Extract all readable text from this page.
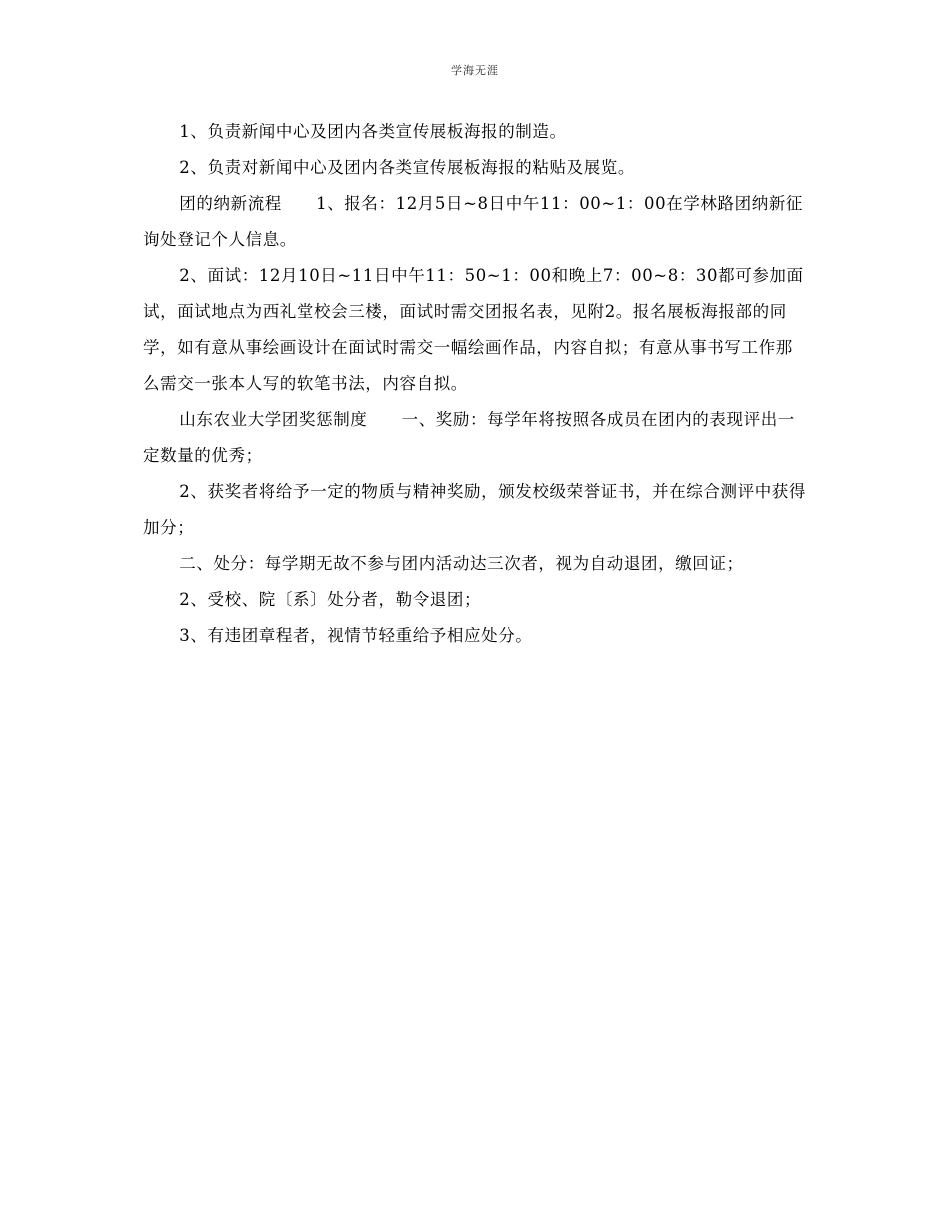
学海无涯

1、负责新闻中心及团内各类宣传展板海报的制造。

2、负责对新闻中心及团内各类宣传展板海报的粘贴及展览。

团的纳新流程　　1、报名：12月5日~8日中午11：00~1：00在学林路团纳新征询处登记个人信息。

2、面试：12月10日~11日中午11：50~1：00和晚上7：00~8：30都可参加面试，面试地点为西礼堂校会三楼，面试时需交团报名表，见附2。报名展板海报部的同学，如有意从事绘画设计在面试时需交一幅绘画作品，内容自拟；有意从事书写工作那么需交一张本人写的软笔书法，内容自拟。

山东农业大学团奖惩制度　　一、奖励：每学年将按照各成员在团内的表现评出一定数量的优秀；

2、获奖者将给予一定的物质与精神奖励，颁发校级荣誉证书，并在综合测评中获得加分；

二、处分：每学期无故不参与团内活动达三次者，视为自动退团，缴回证；

2、受校、院〔系〕处分者，勒令退团；

3、有违团章程者，视情节轻重给予相应处分。
